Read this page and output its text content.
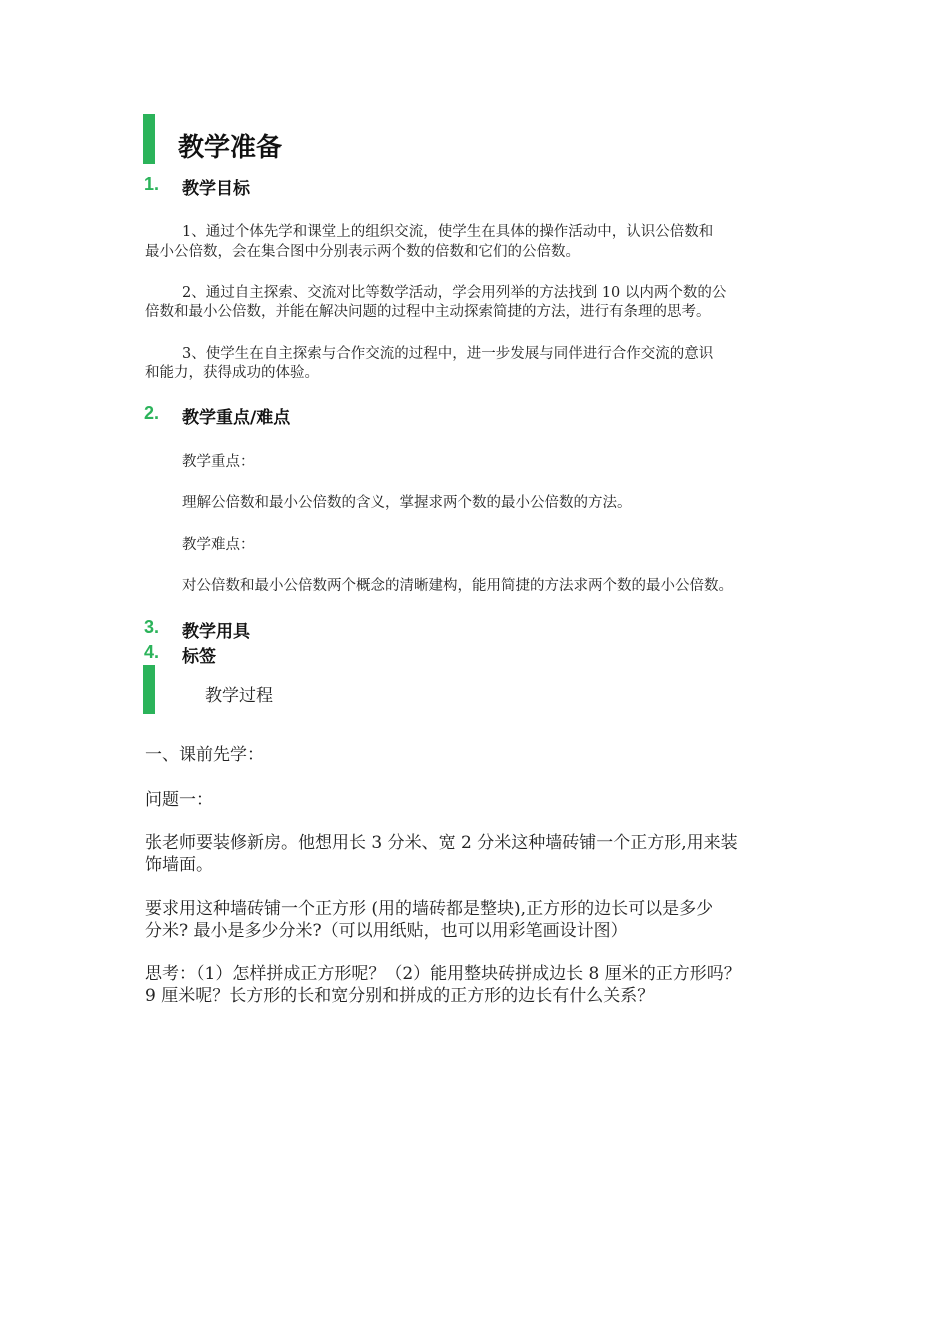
教学准备
1. 教学目标
1、通过个体先学和课堂上的组织交流，使学生在具体的操作活动中，认识公倍数和
最小公倍数，会在集合图中分别表示两个数的倍数和它们的公倍数。
2、通过自主探索、交流对比等数学活动，学会用列举的方法找到 10 以内两个数的公
倍数和最小公倍数，并能在解决问题的过程中主动探索简捷的方法，进行有条理的思考。
3、使学生在自主探索与合作交流的过程中，进一步发展与同伴进行合作交流的意识
和能力，获得成功的体验。
2. 教学重点/难点
教学重点：
理解公倍数和最小公倍数的含义，掌握求两个数的最小公倍数的方法。
教学难点：
对公倍数和最小公倍数两个概念的清晰建构，能用简捷的方法求两个数的最小公倍数。
3. 教学用具
4. 标签
教学过程
一、课前先学：
问题一：
张老师要装修新房。他想用长 3 分米、宽 2 分米这种墙砖铺一个正方形,用来装
饰墙面。
要求用这种墙砖铺一个正方形 (用的墙砖都是整块),正方形的边长可以是多少
分米? 最小是多少分米?（可以用纸贴，也可以用彩笔画设计图）
思考：（1）怎样拼成正方形呢？（2）能用整块砖拼成边长 8 厘米的正方形吗？
9 厘米呢？长方形的长和宽分别和拼成的正方形的边长有什么关系？
